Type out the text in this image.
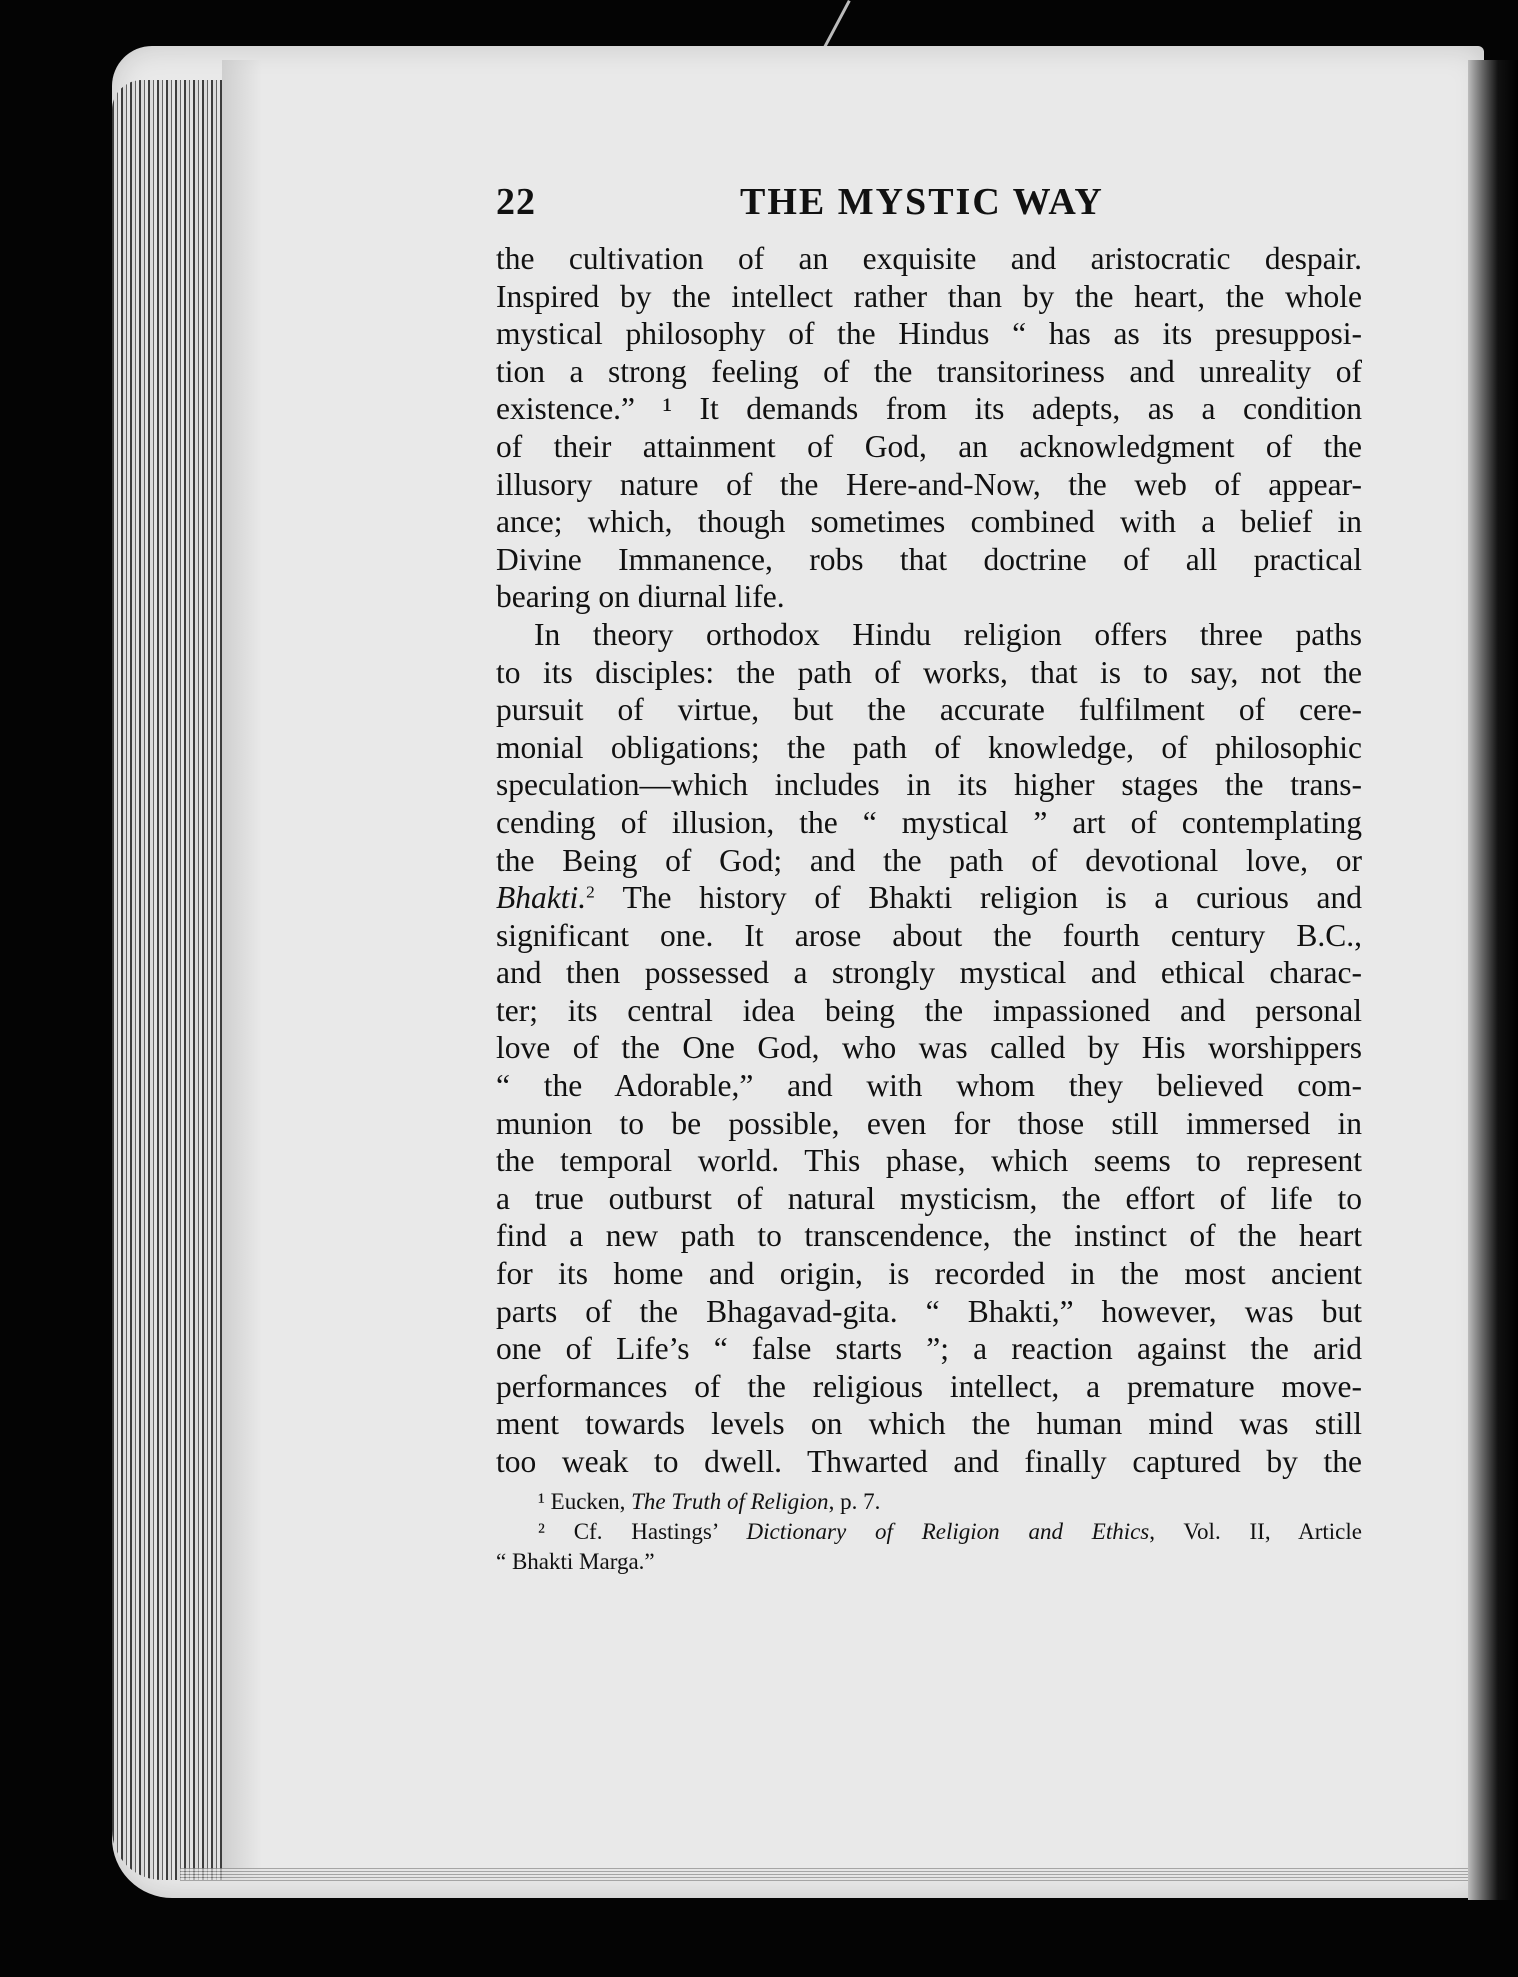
22	THE MYSTIC WAY
the cultivation of an exquisite and aristocratic despair.
Inspired by the intellect rather than by the heart, the whole
mystical philosophy of the Hindus “ has as its presupposi-
tion a strong feeling of the transitoriness and unreality of
existence.” ¹ It demands from its adepts, as a condition
of their attainment of God, an acknowledgment of the
illusory nature of the Here-and-Now, the web of appear-
ance; which, though sometimes combined with a belief in
Divine Immanence, robs that doctrine of all practical
bearing on diurnal life.
In theory orthodox Hindu religion offers three paths
to its disciples: the path of works, that is to say, not the
pursuit of virtue, but the accurate fulfilment of cere-
monial obligations; the path of knowledge, of philosophic
speculation—which includes in its higher stages the trans-
cending of illusion, the “ mystical ” art of contemplating
the Being of God; and the path of devotional love, or
Bhakti.$^2$ The history of Bhakti religion is a curious and
significant one. It arose about the fourth century B.C.,
and then possessed a strongly mystical and ethical charac-
ter; its central idea being the impassioned and personal
love of the One God, who was called by His worshippers
“ the Adorable,” and with whom they believed com-
munion to be possible, even for those still immersed in
the temporal world. This phase, which seems to represent
a true outburst of natural mysticism, the effort of life to
find a new path to transcendence, the instinct of the heart
for its home and origin, is recorded in the most ancient
parts of the Bhagavad-gita. “ Bhakti,” however, was but
one of Life’s “ false starts ”; a reaction against the arid
performances of the religious intellect, a premature move-
ment towards levels on which the human mind was still
too weak to dwell. Thwarted and finally captured by the
¹ Eucken, The Truth of Religion, p. 7.
² Cf. Hastings’ Dictionary of Religion and Ethics, Vol. II, Article
“ Bhakti Marga.”
